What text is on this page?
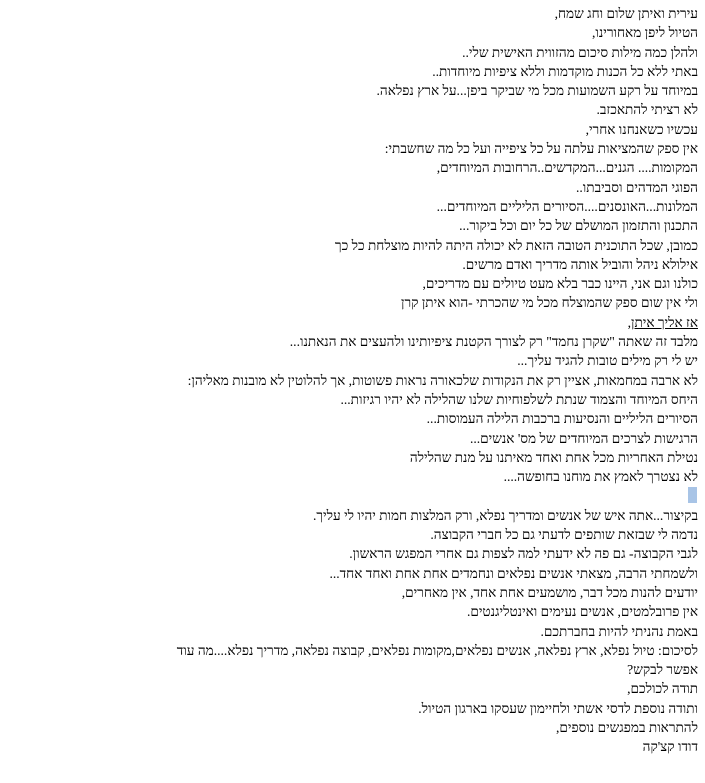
עירית ואיתן שלום וחג שמח,
הטיול ליפן מאחורינו,
ולהלן כמה מילות סיכום מהזווית האישית שלי..
באתי ללא כל הכנות מוקדמות וללא ציפיות מיוחדות..
במיוחד על רקע השמועות מכל מי שביקר ביפן...על ארץ נפלאה.
לא רציתי להתאכזב.
עכשיו כשאנחנו אחרי,
אין ספק שהמציאות עלתה על כל ציפייה ועל כל מה שחשבתי:
המקומות.... הגנים...המקדשים..הרחובות המיוחדים,
הפוגי המדהים וסביבתו..
המלונות...האונסנים....הסיורים הליליים המיוחדים...
התכנון והתזמון המושלם של כל יום וכל ביקור...
כמובן, שכל התוכנית הטובה הזאת לא יכולה היתה להיות מוצלחת כל כך
אילולא ניהל והוביל אותה מדריך ואדם מרשים.
כולנו וגם אני, היינו כבר בלא מעט טיולים עם מדריכים,
ולי אין שום ספק שהמוצלח מכל מי שהכרתי -הוא איתן קרן
אז אליך איתן,
מלבד זה שאתה "שקרן נחמד" רק לצורך הקטנת ציפיותינו ולהעצים את הנאתנו...
יש לי רק מילים טובות להגיד עליך...
לא ארבה במחמאות, אציין רק את הנקודות שלכאורה נראות פשוטות, אך להלוטין לא מובנות מאליהן:
היחס המיוחד והצמוד שנתת לשלפוחיות שלנו שהלילה לא יהיו רגיזות...
הסיורים הליליים והנסיעות ברכבות הלילה העמוסות...
הרגישות לצרכים המיוחדים של מס' אנשים...
נטילת האחריות מכל אחת ואחד מאיתנו על מנת שהלילה
לא נצטרך לאמץ את מוחנו בחופשה....
בקיצור...אתה איש של אנשים ומדריך נפלא, ורק המלצות חמות יהיו לי עליך.
נדמה לי שבזאת שותפים לדעתי גם כל חברי הקבוצה.
לגבי הקבוצה- גם פה לא ידעתי למה לצפות גם אחרי המפגש הראשון.
ולשמחתי הרבה, מצאתי אנשים נפלאים ונחמדים אחת אחת ואחד אחד...
יודעים להנות מכל דבר, מושמעים אחת אחד, אין מאחרים,
אין פרובלמטים, אנשים נעימים ואינטליגנטים.
באמת נהניתי להיות בחברתכם.
לסיכום: טיול נפלא, ארץ נפלאה, אנשים נפלאים,מקומות נפלאים, קבוצה נפלאה, מדריך נפלא....מה עוד
אפשר לבקש?
תודה לכולכם,
ותודה נוספת לדסי אשתי ולחיימון שעסקו בארגון הטיול.
להתראות במפגשים נוספים,
דודו קצ'קה
